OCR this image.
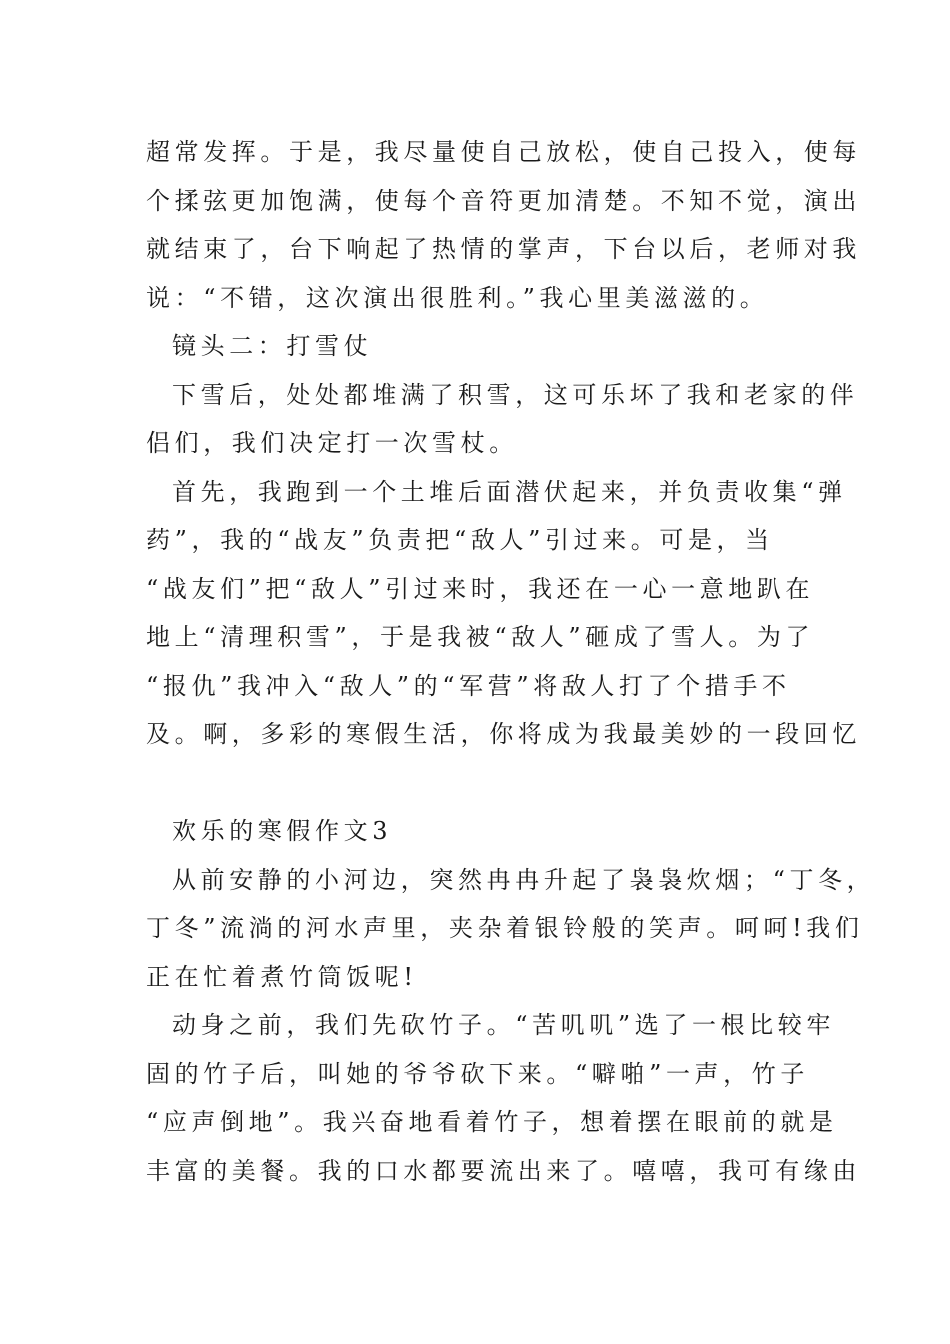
超常发挥。于是，我尽量使自己放松，使自己投入，使每
个揉弦更加饱满，使每个音符更加清楚。不知不觉，演出
就结束了，台下响起了热情的掌声，下台以后，老师对我
说：“不错，这次演出很胜利。”我心里美滋滋的。
镜头二：打雪仗
下雪后，处处都堆满了积雪，这可乐坏了我和老家的伴
侣们，我们决定打一次雪杖。
首先，我跑到一个土堆后面潜伏起来，并负责收集“弹
药”，我的“战友”负责把“敌人”引过来。可是，当
“战友们”把“敌人”引过来时，我还在一心一意地趴在
地上“清理积雪”，于是我被“敌人”砸成了雪人。为了
“报仇”我冲入“敌人”的“军营”将敌人打了个措手不
及。啊，多彩的寒假生活，你将成为我最美妙的一段回忆
欢乐的寒假作文3
从前安静的小河边，突然冉冉升起了袅袅炊烟；“丁冬，
丁冬”流淌的河水声里，夹杂着银铃般的笑声。呵呵!我们
正在忙着煮竹筒饭呢!
动身之前，我们先砍竹子。“苦叽叽”选了一根比较牢
固的竹子后，叫她的爷爷砍下来。“噼啪”一声，竹子
“应声倒地”。我兴奋地看着竹子，想着摆在眼前的就是
丰富的美餐。我的口水都要流出来了。嘻嘻，我可有缘由
